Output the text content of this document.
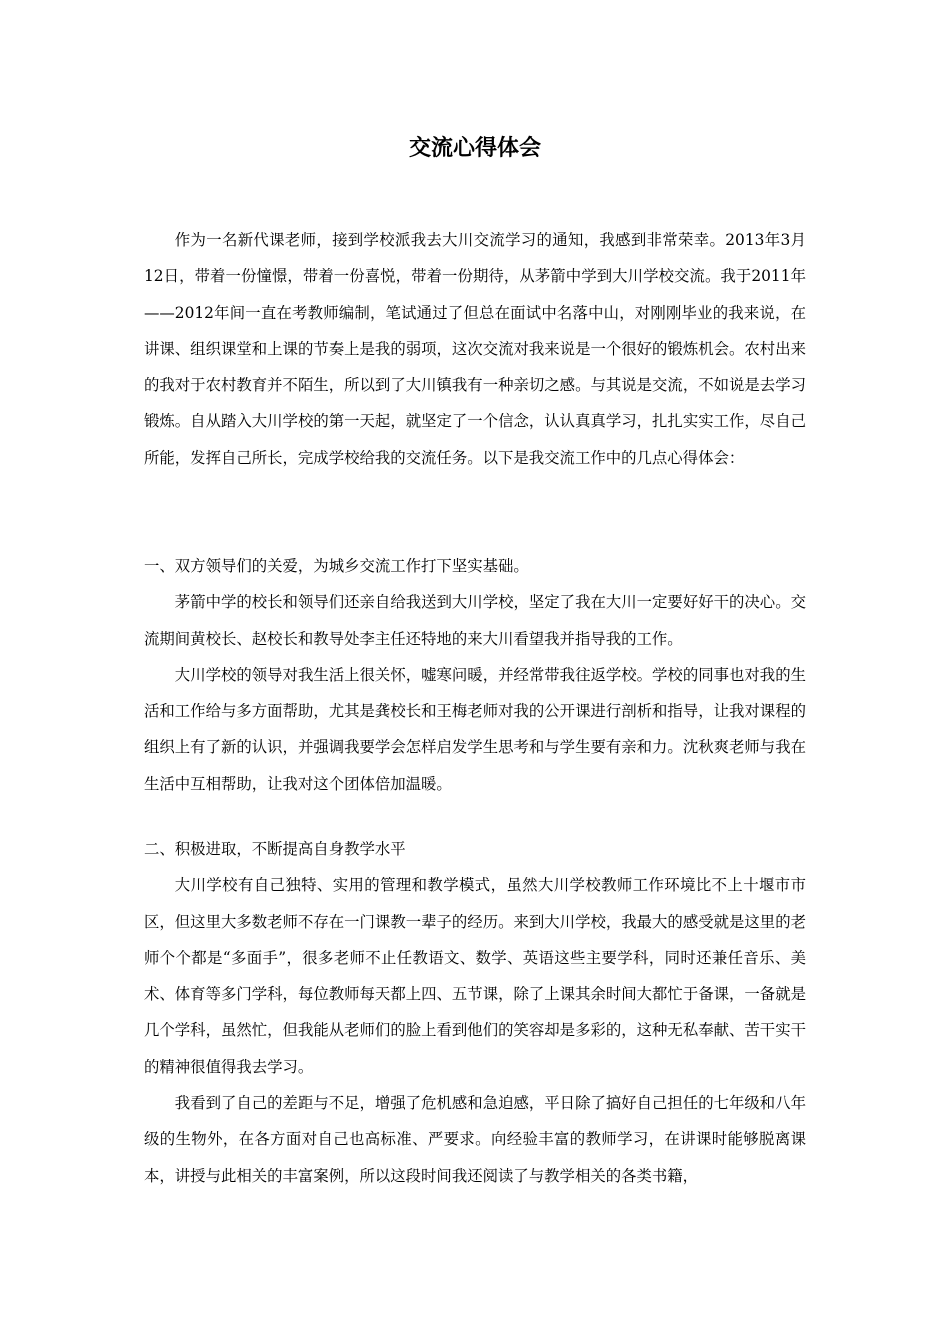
交流心得体会

作为一名新代课老师，接到学校派我去大川交流学习的通知，我感到非常荣幸。2013年3月12日，带着一份憧憬，带着一份喜悦，带着一份期待，从茅箭中学到大川学校交流。我于2011年——2012年间一直在考教师编制，笔试通过了但总在面试中名落中山，对刚刚毕业的我来说，在讲课、组织课堂和上课的节奏上是我的弱项，这次交流对我来说是一个很好的锻炼机会。农村出来的我对于农村教育并不陌生，所以到了大川镇我有一种亲切之感。与其说是交流，不如说是去学习锻炼。自从踏入大川学校的第一天起，就坚定了一个信念，认认真真学习，扎扎实实工作，尽自己所能，发挥自己所长，完成学校给我的交流任务。以下是我交流工作中的几点心得体会：

一、双方领导们的关爱，为城乡交流工作打下坚实基础。

茅箭中学的校长和领导们还亲自给我送到大川学校，坚定了我在大川一定要好好干的决心。交流期间黄校长、赵校长和教导处李主任还特地的来大川看望我并指导我的工作。

大川学校的领导对我生活上很关怀，嘘寒问暖，并经常带我往返学校。学校的同事也对我的生活和工作给与多方面帮助，尤其是龚校长和王梅老师对我的公开课进行剖析和指导，让我对课程的组织上有了新的认识，并强调我要学会怎样启发学生思考和与学生要有亲和力。沈秋爽老师与我在生活中互相帮助，让我对这个团体倍加温暖。

二、积极进取，不断提高自身教学水平

大川学校有自己独特、实用的管理和教学模式，虽然大川学校教师工作环境比不上十堰市市区，但这里大多数老师不存在一门课教一辈子的经历。来到大川学校，我最大的感受就是这里的老师个个都是“多面手”，很多老师不止任教语文、数学、英语这些主要学科，同时还兼任音乐、美术、体育等多门学科，每位教师每天都上四、五节课，除了上课其余时间大都忙于备课，一备就是几个学科，虽然忙，但我能从老师们的脸上看到他们的笑容却是多彩的，这种无私奉献、苦干实干的精神很值得我去学习。

我看到了自己的差距与不足，增强了危机感和急迫感，平日除了搞好自己担任的七年级和八年级的生物外，在各方面对自己也高标准、严要求。向经验丰富的教师学习，在讲课时能够脱离课本，讲授与此相关的丰富案例，所以这段时间我还阅读了与教学相关的各类书籍，
